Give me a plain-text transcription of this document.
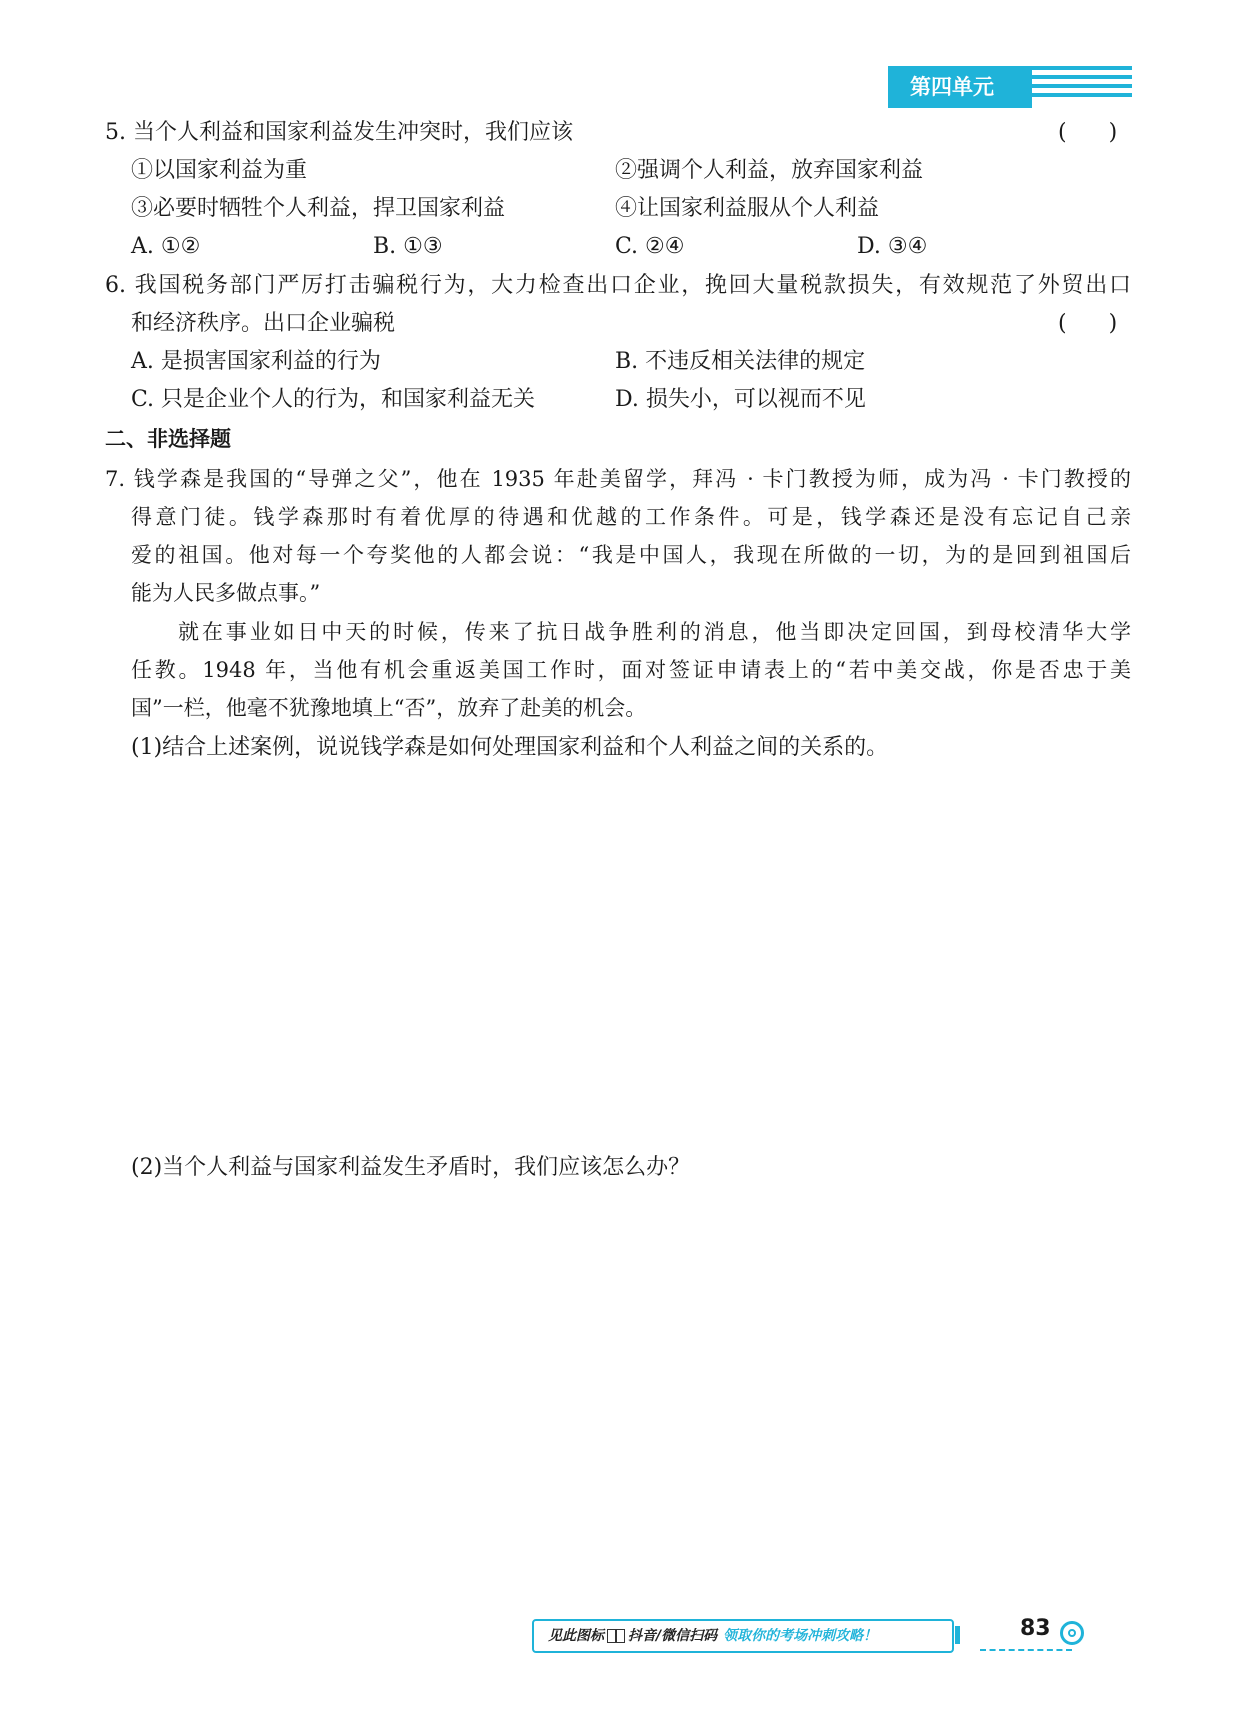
第四单元
5. 当个人利益和国家利益发生冲突时，我们应该	( )
①以国家利益为重	②强调个人利益，放弃国家利益
③必要时牺牲个人利益，捍卫国家利益	④让国家利益服从个人利益
A. ①②	B. ①③	C. ②④	D. ③④
6. 我国税务部门严厉打击骗税行为，大力检查出口企业，挽回大量税款损失，有效规范了外贸出口
和经济秩序。出口企业骗税	( )
A. 是损害国家利益的行为	B. 不违反相关法律的规定
C. 只是企业个人的行为，和国家利益无关	D. 损失小，可以视而不见
二、非选择题
7. 钱学森是我国的“导弹之父”，他在 1935 年赴美留学，拜冯 · 卡门教授为师，成为冯 · 卡门教授的
得意门徒。钱学森那时有着优厚的待遇和优越的工作条件。可是，钱学森还是没有忘记自己亲
爱的祖国。他对每一个夸奖他的人都会说：“我是中国人，我现在所做的一切，为的是回到祖国后
能为人民多做点事。”
就在事业如日中天的时候，传来了抗日战争胜利的消息，他当即决定回国，到母校清华大学
任教。1948 年，当他有机会重返美国工作时，面对签证申请表上的“若中美交战，你是否忠于美
国”一栏，他毫不犹豫地填上“否”，放弃了赴美的机会。
(1)结合上述案例，说说钱学森是如何处理国家利益和个人利益之间的关系的。
(2)当个人利益与国家利益发生矛盾时，我们应该怎么办？
见此图标 抖音/微信扫码 领取你的考场冲刺攻略！	83
